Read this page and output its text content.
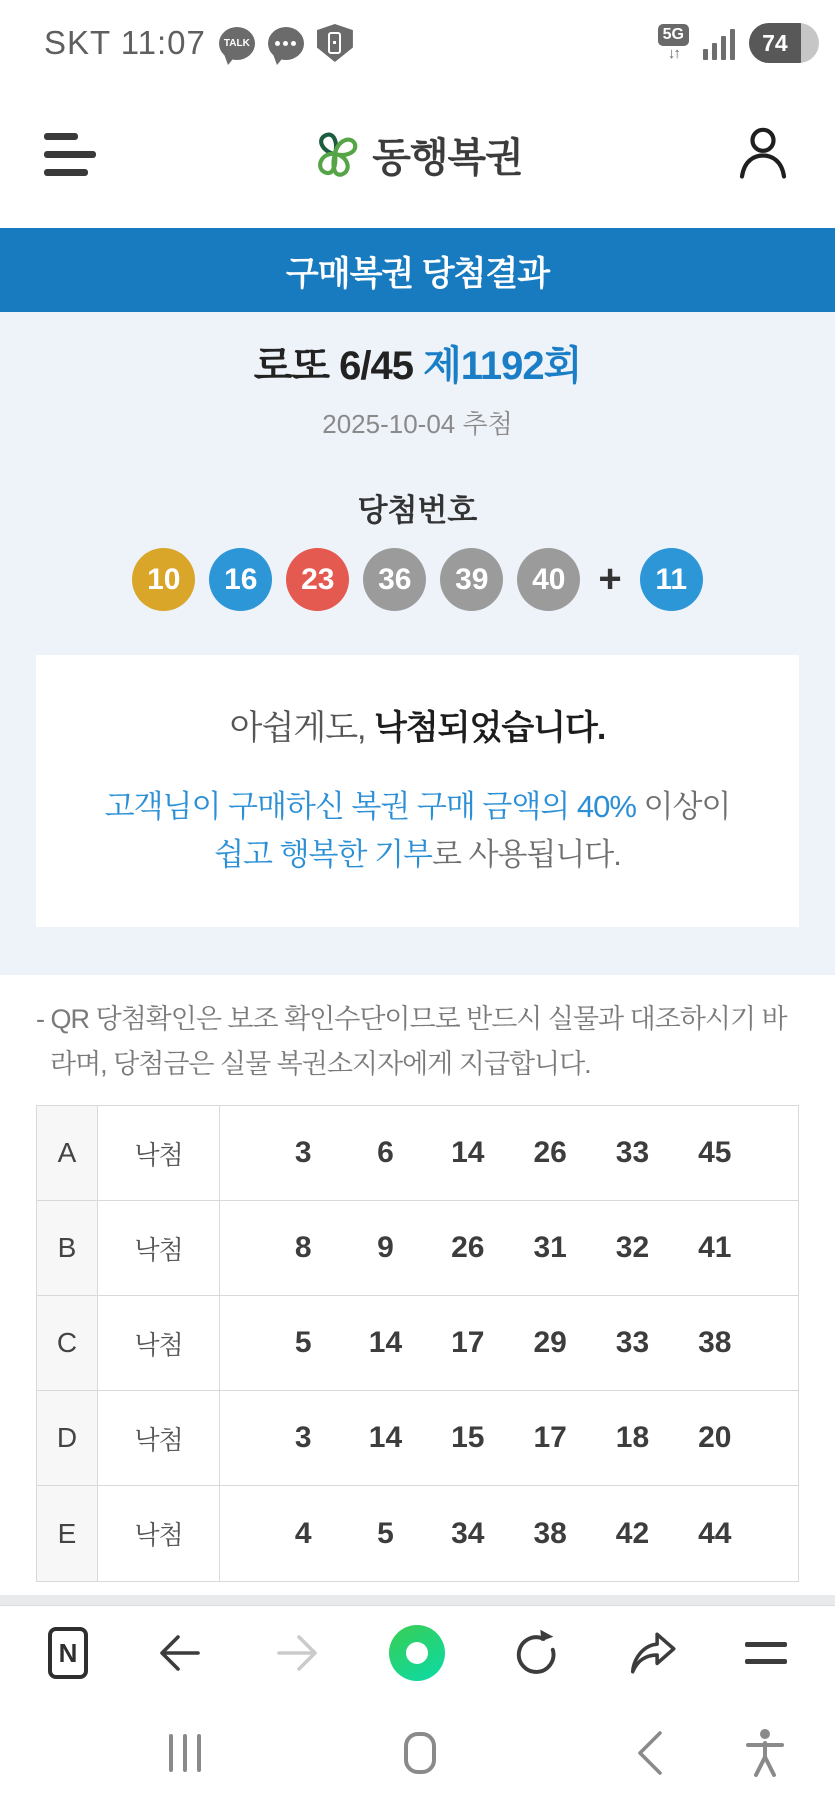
SKT 11:07 TALK	5G
↓↑	74
동행복권
구매복권 당첨결과
로또 6/45 제1192회
2025-10-04 추첨
당첨번호
10	16	23	36	39	40 +	11

아쉽게도, 낙첨되었습니다.

고객님이 구매하신 복권 구매 금액의 40% 이상이

쉽고 행복한 기부로 사용됩니다.

- QR 당첨확인은 보조 확인수단이므로 반드시 실물과 대조하시기 바라며, 당첨금은 실물 복권소지자에게 지급합니다.

A	낙첨	3	6	14	26	33	45
B	낙첨	8	9	26	31	32	41
C	낙첨	5	14	17	29	33	38
D	낙첨	3	14	15	17	18	20
E	낙첨	4	5	34	38	42	44
N
